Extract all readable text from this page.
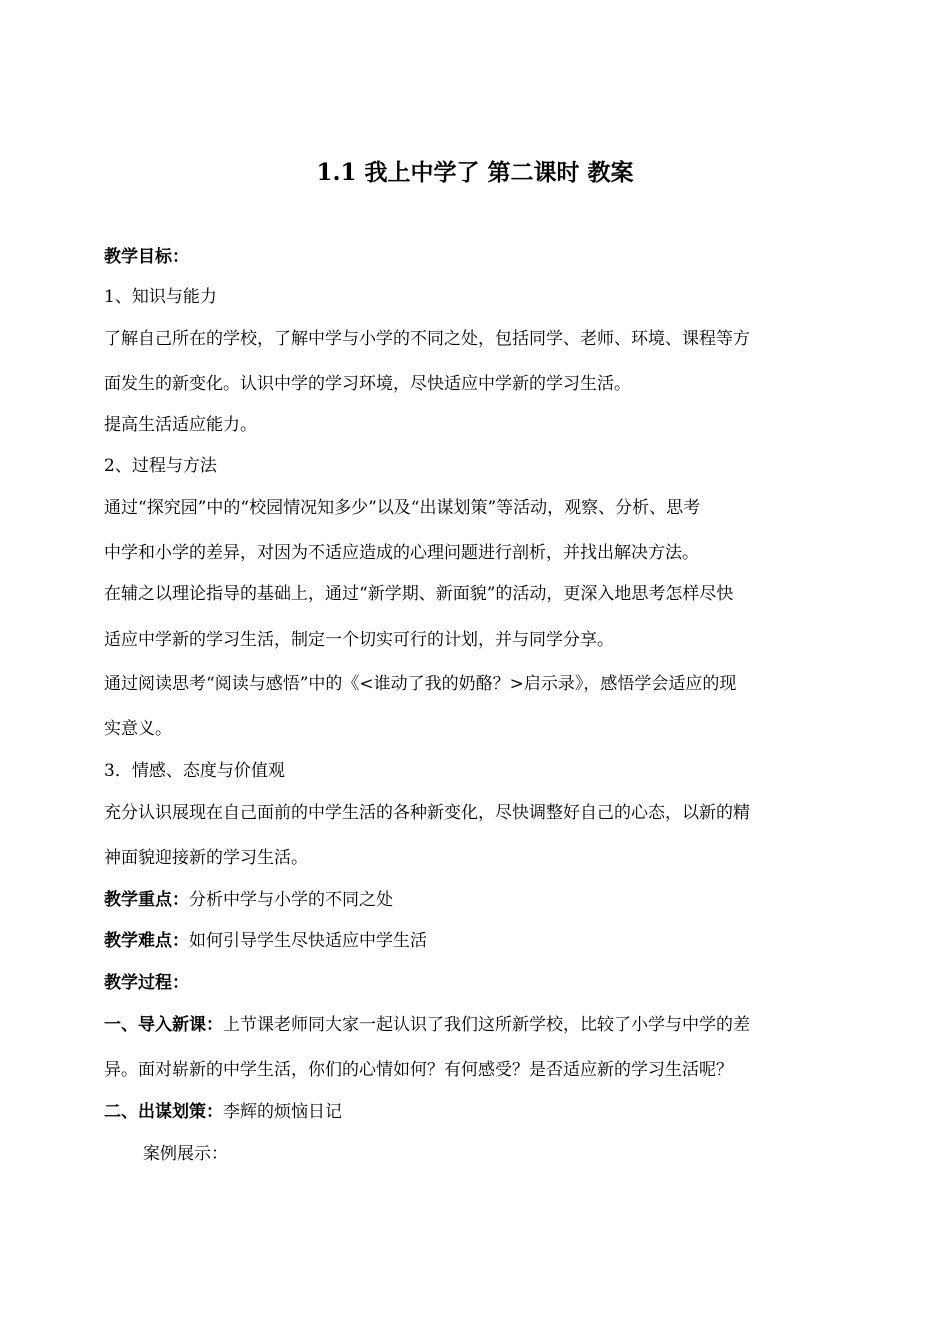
1.1 我上中学了 第二课时 教案
教学目标：
1、知识与能力
了解自己所在的学校，了解中学与小学的不同之处，包括同学、老师、环境、课程等方
面发生的新变化。认识中学的学习环境，尽快适应中学新的学习生活。
提高生活适应能力。
2、过程与方法
通过“探究园”中的“校园情况知多少”以及“出谋划策”等活动，观察、分析、思考
中学和小学的差异，对因为不适应造成的心理问题进行剖析，并找出解决方法。
在辅之以理论指导的基础上，通过“新学期、新面貌”的活动，更深入地思考怎样尽快
适应中学新的学习生活，制定一个切实可行的计划，并与同学分享。
通过阅读思考“阅读与感悟”中的《<谁动了我的奶酪？>启示录》，感悟学会适应的现
实意义。
3．情感、态度与价值观
充分认识展现在自己面前的中学生活的各种新变化，尽快调整好自己的心态，以新的精
神面貌迎接新的学习生活。
教学重点：分析中学与小学的不同之处
教学难点：如何引导学生尽快适应中学生活
教学过程：
一、导入新课：上节课老师同大家一起认识了我们这所新学校，比较了小学与中学的差
异。面对崭新的中学生活，你们的心情如何？有何感受？是否适应新的学习生活呢？
二、出谋划策：李辉的烦恼日记
案例展示：
